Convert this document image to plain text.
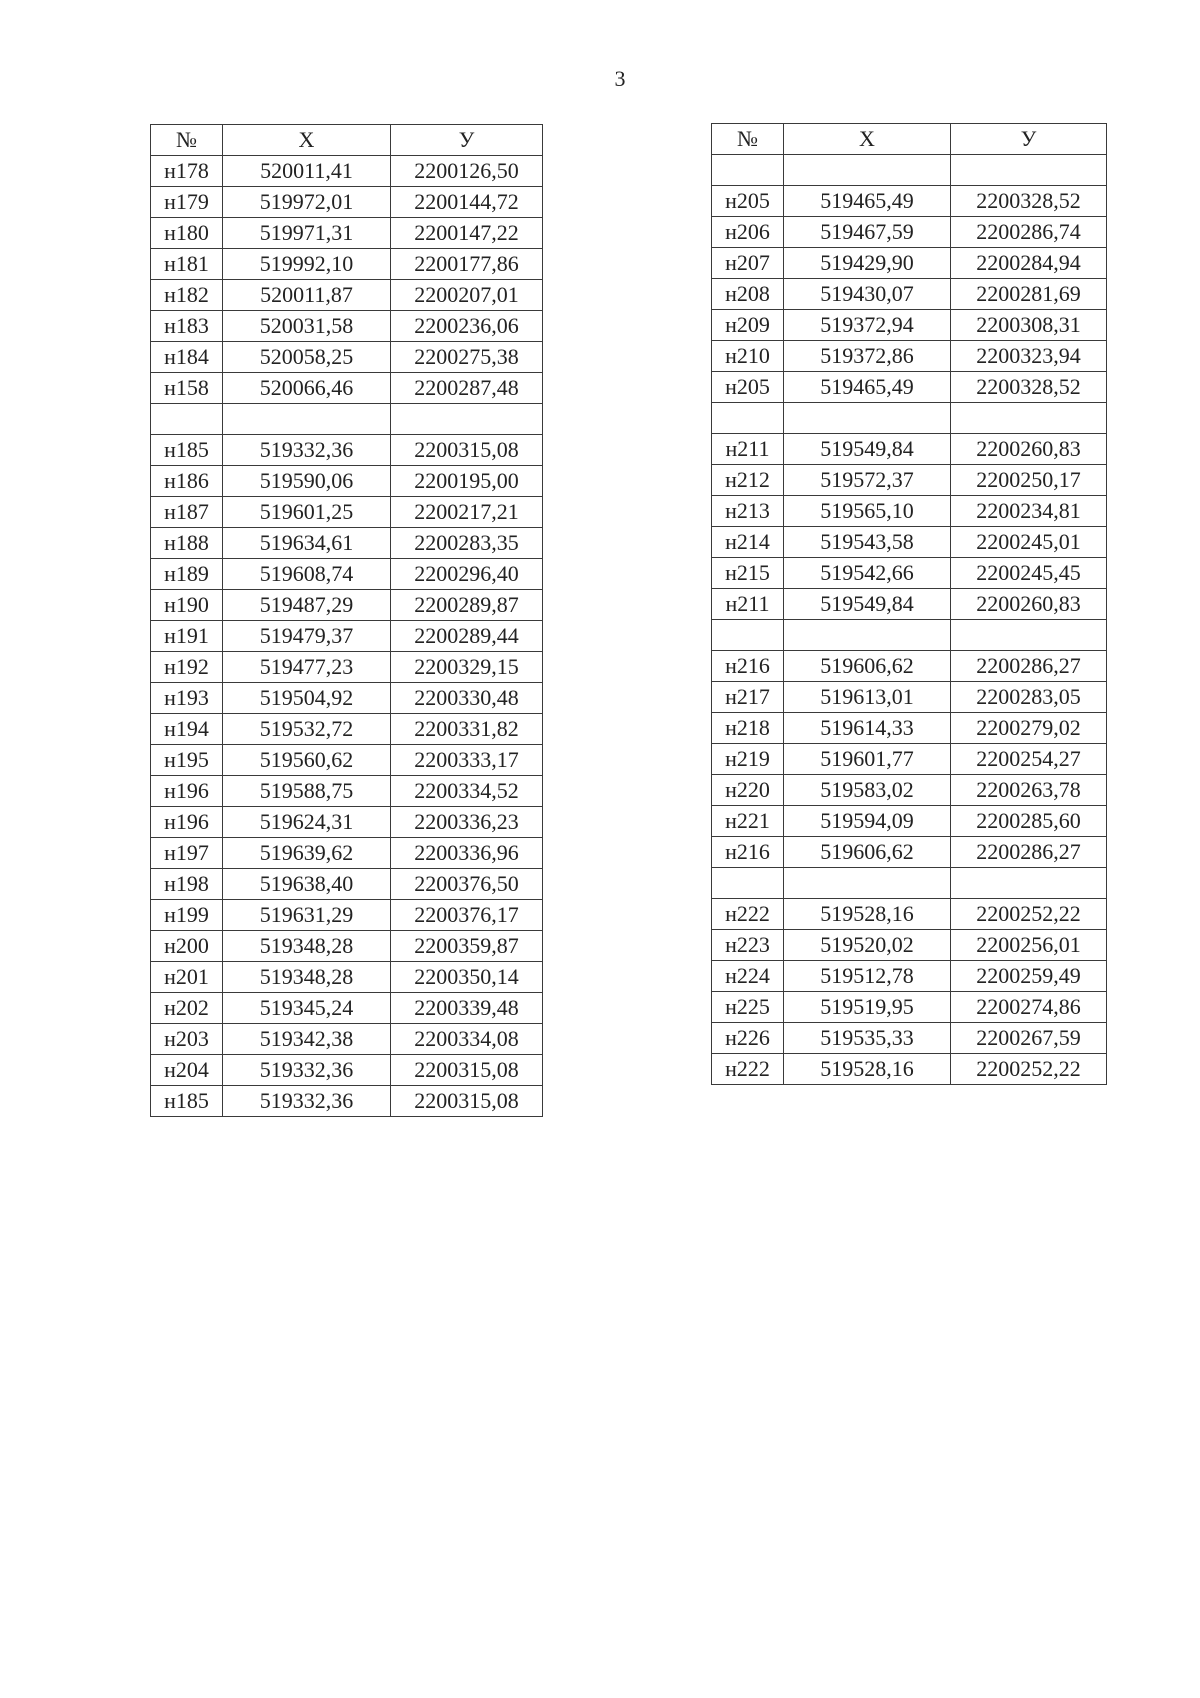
3
№	X	У
н178	520011,41	2200126,50
н179	519972,01	2200144,72
н180	519971,31	2200147,22
н181	519992,10	2200177,86
н182	520011,87	2200207,01
н183	520031,58	2200236,06
н184	520058,25	2200275,38
н158	520066,46	2200287,48

н185	519332,36	2200315,08
н186	519590,06	2200195,00
н187	519601,25	2200217,21
н188	519634,61	2200283,35
н189	519608,74	2200296,40
н190	519487,29	2200289,87
н191	519479,37	2200289,44
н192	519477,23	2200329,15
н193	519504,92	2200330,48
н194	519532,72	2200331,82
н195	519560,62	2200333,17
н196	519588,75	2200334,52
н196	519624,31	2200336,23
н197	519639,62	2200336,96
н198	519638,40	2200376,50
н199	519631,29	2200376,17
н200	519348,28	2200359,87
н201	519348,28	2200350,14
н202	519345,24	2200339,48
н203	519342,38	2200334,08
н204	519332,36	2200315,08
н185	519332,36	2200315,08
№	X	У

н205	519465,49	2200328,52
н206	519467,59	2200286,74
н207	519429,90	2200284,94
н208	519430,07	2200281,69
н209	519372,94	2200308,31
н210	519372,86	2200323,94
н205	519465,49	2200328,52

н211	519549,84	2200260,83
н212	519572,37	2200250,17
н213	519565,10	2200234,81
н214	519543,58	2200245,01
н215	519542,66	2200245,45
н211	519549,84	2200260,83

н216	519606,62	2200286,27
н217	519613,01	2200283,05
н218	519614,33	2200279,02
н219	519601,77	2200254,27
н220	519583,02	2200263,78
н221	519594,09	2200285,60
н216	519606,62	2200286,27

н222	519528,16	2200252,22
н223	519520,02	2200256,01
н224	519512,78	2200259,49
н225	519519,95	2200274,86
н226	519535,33	2200267,59
н222	519528,16	2200252,22
